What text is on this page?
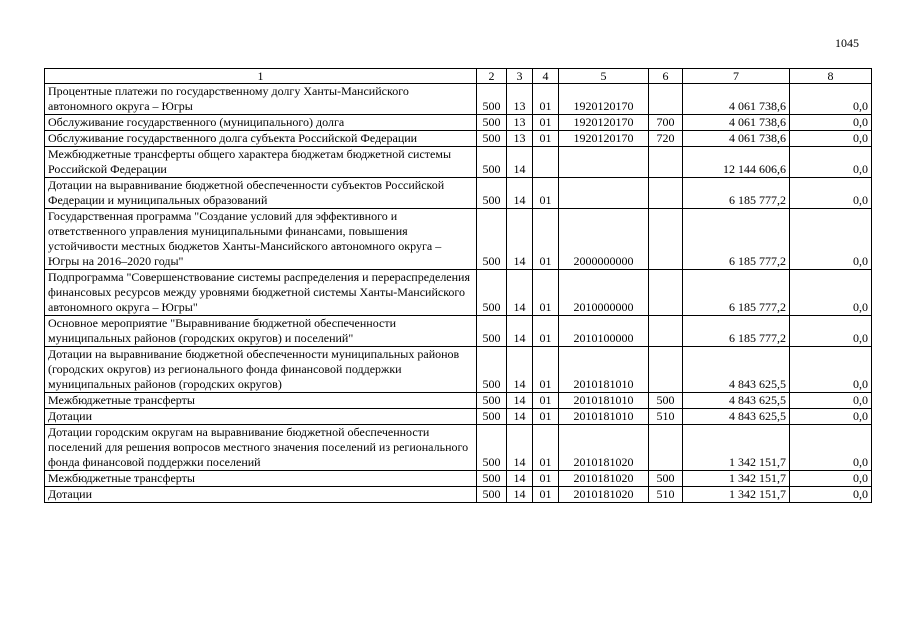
1045
1	2	3	4	5	6	7	8
Процентные платежи по государственному долгу Ханты-Мансийского автономного округа – Югры	500	13	01	1920120170		4 061 738,6	0,0
Обслуживание государственного (муниципального) долга	500	13	01	1920120170	700	4 061 738,6	0,0
Обслуживание государственного долга субъекта Российской Федерации	500	13	01	1920120170	720	4 061 738,6	0,0
Межбюджетные трансферты общего характера бюджетам бюджетной системы Российской Федерации	500	14				12 144 606,6	0,0
Дотации на выравнивание бюджетной обеспеченности субъектов Российской Федерации и муниципальных образований	500	14	01			6 185 777,2	0,0
Государственная программа "Создание условий для эффективного и ответственного управления муниципальными финансами, повышения устойчивости местных бюджетов Ханты-Мансийского автономного округа – Югры на 2016–2020 годы"	500	14	01	2000000000		6 185 777,2	0,0
Подпрограмма "Совершенствование системы распределения и перераспределения финансовых ресурсов между уровнями бюджетной системы Ханты-Мансийского автономного округа – Югры"	500	14	01	2010000000		6 185 777,2	0,0
Основное мероприятие "Выравнивание бюджетной обеспеченности муниципальных районов (городских округов) и поселений"	500	14	01	2010100000		6 185 777,2	0,0
Дотации на выравнивание бюджетной обеспеченности муниципальных районов (городских округов) из регионального фонда финансовой поддержки муниципальных районов (городских округов)	500	14	01	2010181010		4 843 625,5	0,0
Межбюджетные трансферты	500	14	01	2010181010	500	4 843 625,5	0,0
Дотации	500	14	01	2010181010	510	4 843 625,5	0,0
Дотации городским округам на выравнивание бюджетной обеспеченности поселений для решения вопросов местного значения поселений из регионального фонда финансовой поддержки поселений	500	14	01	2010181020		1 342 151,7	0,0
Межбюджетные трансферты	500	14	01	2010181020	500	1 342 151,7	0,0
Дотации	500	14	01	2010181020	510	1 342 151,7	0,0
